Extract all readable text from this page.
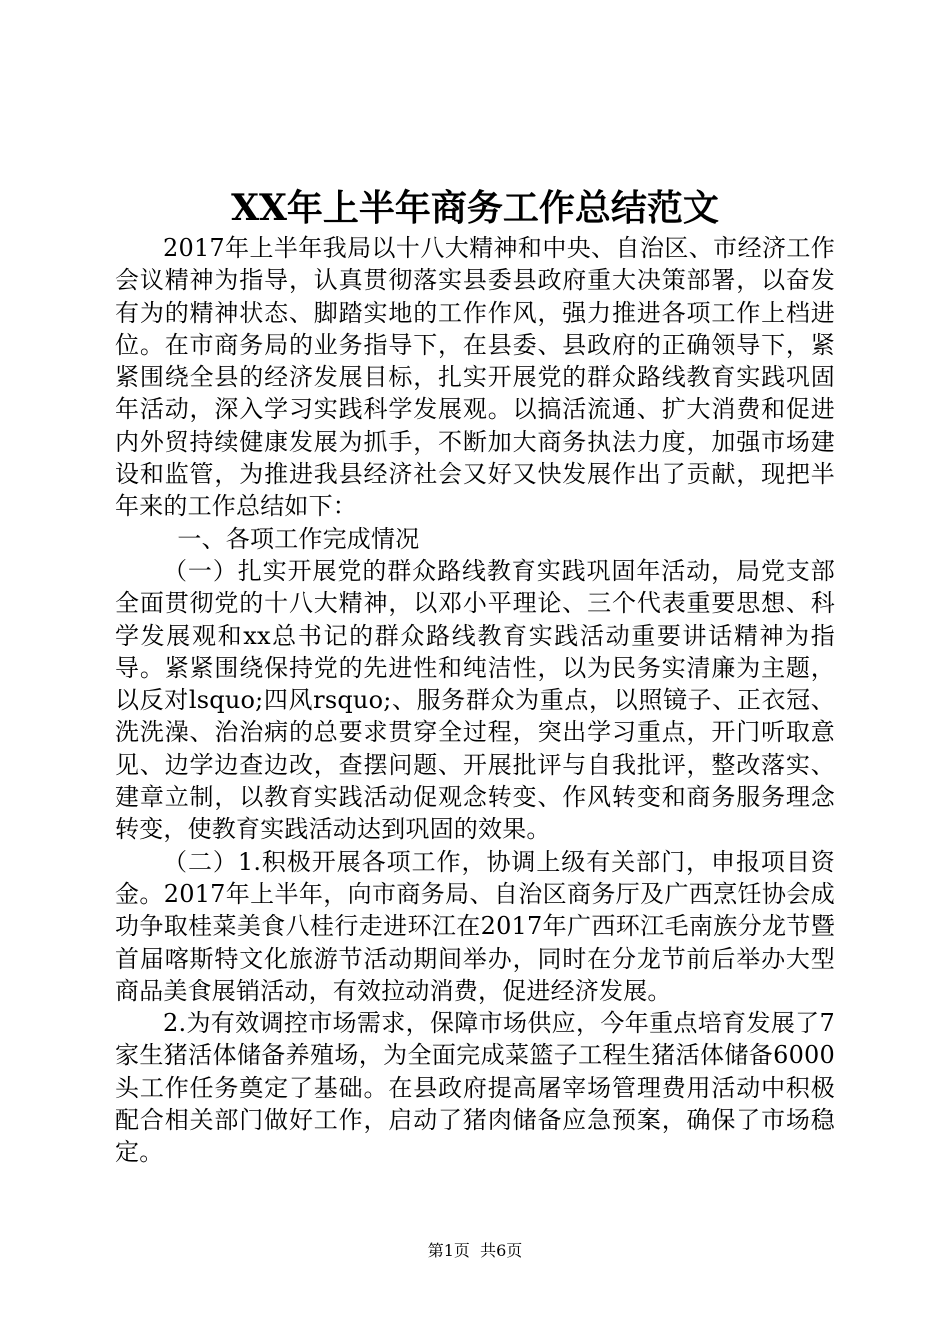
XX年上半年商务工作总结范文

2017年上半年我局以十八大精神和中央、自治区、市经济工作会议精神为指导，认真贯彻落实县委县政府重大决策部署，以奋发有为的精神状态、脚踏实地的工作作风，强力推进各项工作上档进位。在市商务局的业务指导下，在县委、县政府的正确领导下，紧紧围绕全县的经济发展目标，扎实开展党的群众路线教育实践巩固年活动，深入学习实践科学发展观。以搞活流通、扩大消费和促进内外贸持续健康发展为抓手，不断加大商务执法力度，加强市场建设和监管，为推进我县经济社会又好又快发展作出了贡献，现把半年来的工作总结如下：

一、各项工作完成情况

（一）扎实开展党的群众路线教育实践巩固年活动，局党支部全面贯彻党的十八大精神，以邓小平理论、三个代表重要思想、科学发展观和xx总书记的群众路线教育实践活动重要讲话精神为指导。紧紧围绕保持党的先进性和纯洁性，以为民务实清廉为主题，以反对lsquo;四风rsquo;、服务群众为重点，以照镜子、正衣冠、洗洗澡、治治病的总要求贯穿全过程，突出学习重点，开门听取意见、边学边查边改，查摆问题、开展批评与自我批评，整改落实、建章立制，以教育实践活动促观念转变、作风转变和商务服务理念转变，使教育实践活动达到巩固的效果。

（二）1.积极开展各项工作，协调上级有关部门，申报项目资金。2017年上半年，向市商务局、自治区商务厅及广西烹饪协会成功争取桂菜美食八桂行走进环江在2017年广西环江毛南族分龙节暨首届喀斯特文化旅游节活动期间举办，同时在分龙节前后举办大型商品美食展销活动，有效拉动消费，促进经济发展。

2.为有效调控市场需求，保障市场供应，今年重点培育发展了7家生猪活体储备养殖场，为全面完成菜篮子工程生猪活体储备6000头工作任务奠定了基础。在县政府提高屠宰场管理费用活动中积极配合相关部门做好工作，启动了猪肉储备应急预案，确保了市场稳定。

第1页 共6页
